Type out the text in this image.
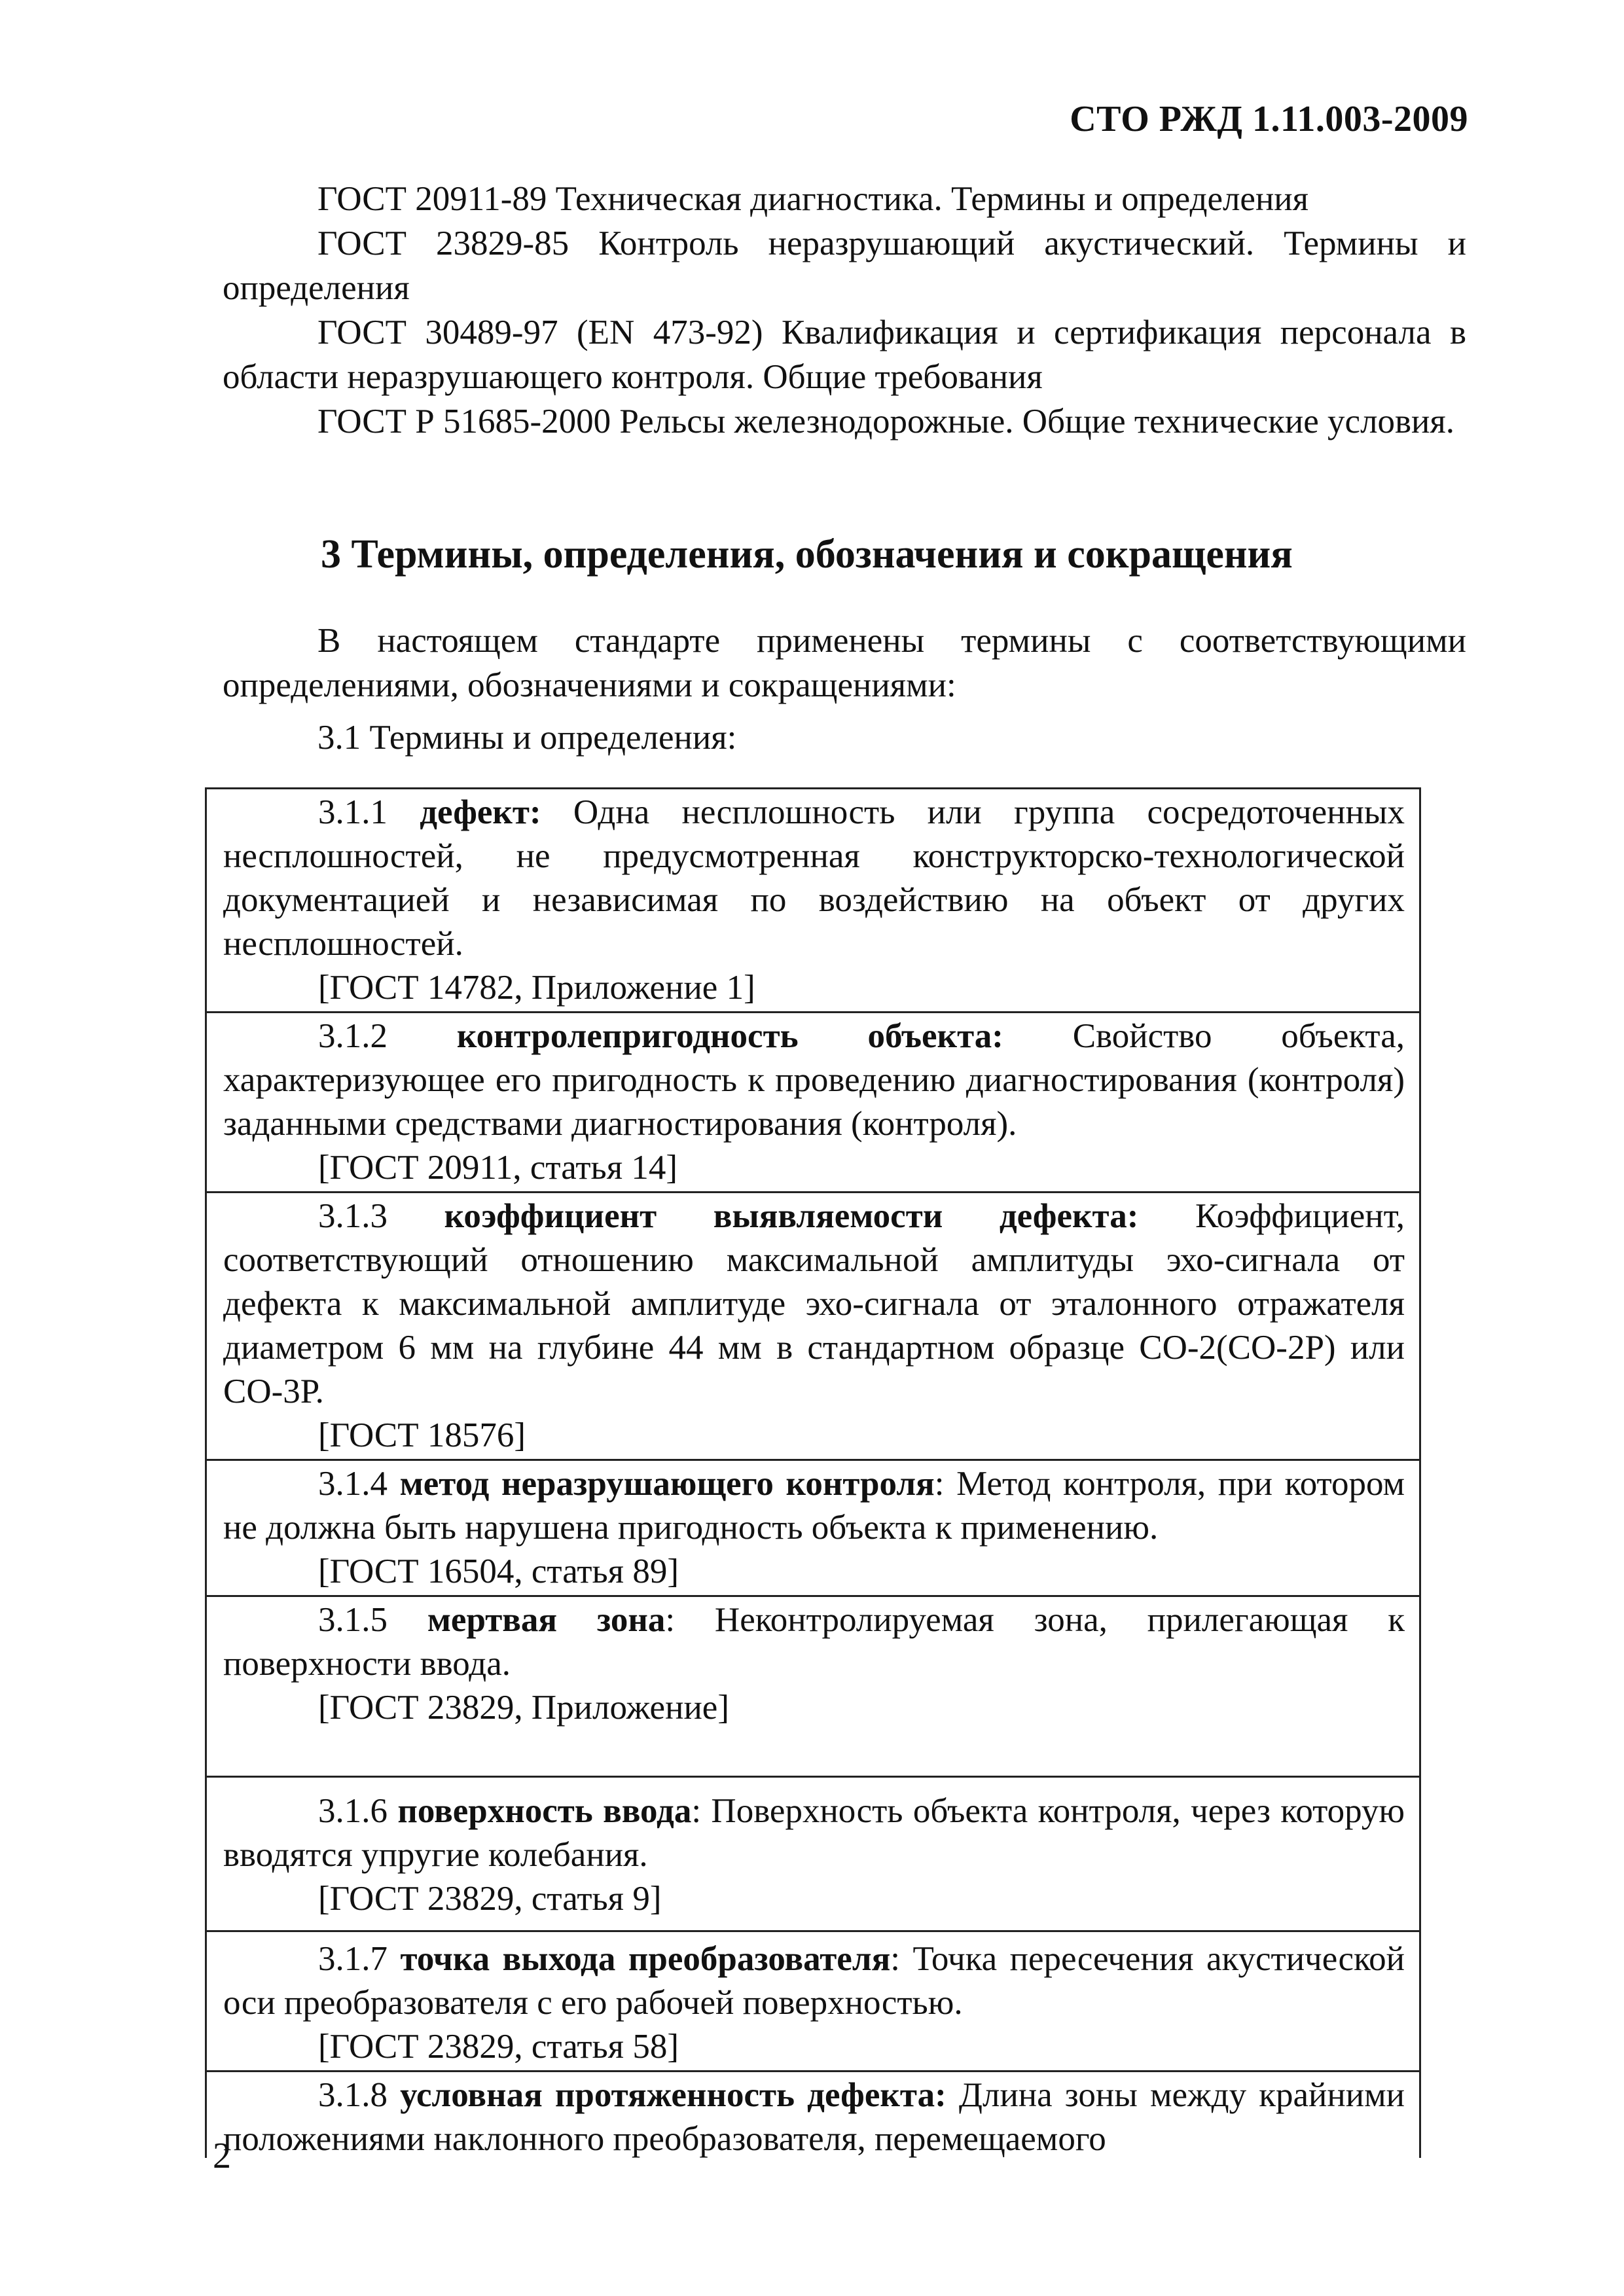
СТО РЖД 1.11.003-2009

ГОСТ 20911-89 Техническая диагностика. Термины и определения

ГОСТ 23829-85 Контроль неразрушающий акустический. Термины и определения

ГОСТ 30489-97 (EN 473-92) Квалификация и сертификация персонала в области неразрушающего контроля. Общие требования

ГОСТ Р 51685-2000 Рельсы железнодорожные. Общие технические условия.

3 Термины, определения, обозначения и сокращения

В настоящем стандарте применены термины с соответствующими определениями, обозначениями и сокращениями:

3.1 Термины и определения:

3.1.1 дефект: Одна несплошность или группа сосредоточенных несплошностей, не предусмотренная конструкторско-технологической документацией и независимая по воздействию на объект от других несплошностей.

[ГОСТ 14782, Приложение 1]

3.1.2 контролепригодность объекта: Свойство объекта, характеризующее его пригодность к проведению диагностирования (контроля) заданными средствами диагностирования (контроля).

[ГОСТ 20911, статья 14]

3.1.3 коэффициент выявляемости дефекта: Коэффициент, соответствующий отношению максимальной амплитуды эхо-сигнала от дефекта к максимальной амплитуде эхо-сигнала от эталонного отражателя диаметром 6 мм на глубине 44 мм в стандартном образце СО-2(СО-2Р) или СО-3Р.

[ГОСТ 18576]

3.1.4 метод неразрушающего контроля: Метод контроля, при котором не должна быть нарушена пригодность объекта к применению.

[ГОСТ 16504, статья 89]

3.1.5 мертвая зона: Неконтролируемая зона, прилегающая к поверхности ввода.

[ГОСТ 23829, Приложение]

3.1.6 поверхность ввода: Поверхность объекта контроля, через которую вводятся упругие колебания.

[ГОСТ 23829, статья 9]

3.1.7 точка выхода преобразователя: Точка пересечения акустической оси преобразователя с его рабочей поверхностью.

[ГОСТ 23829, статья 58]

3.1.8 условная протяженность дефекта: Длина зоны между крайними положениями наклонного преобразователя, перемещаемого

2
